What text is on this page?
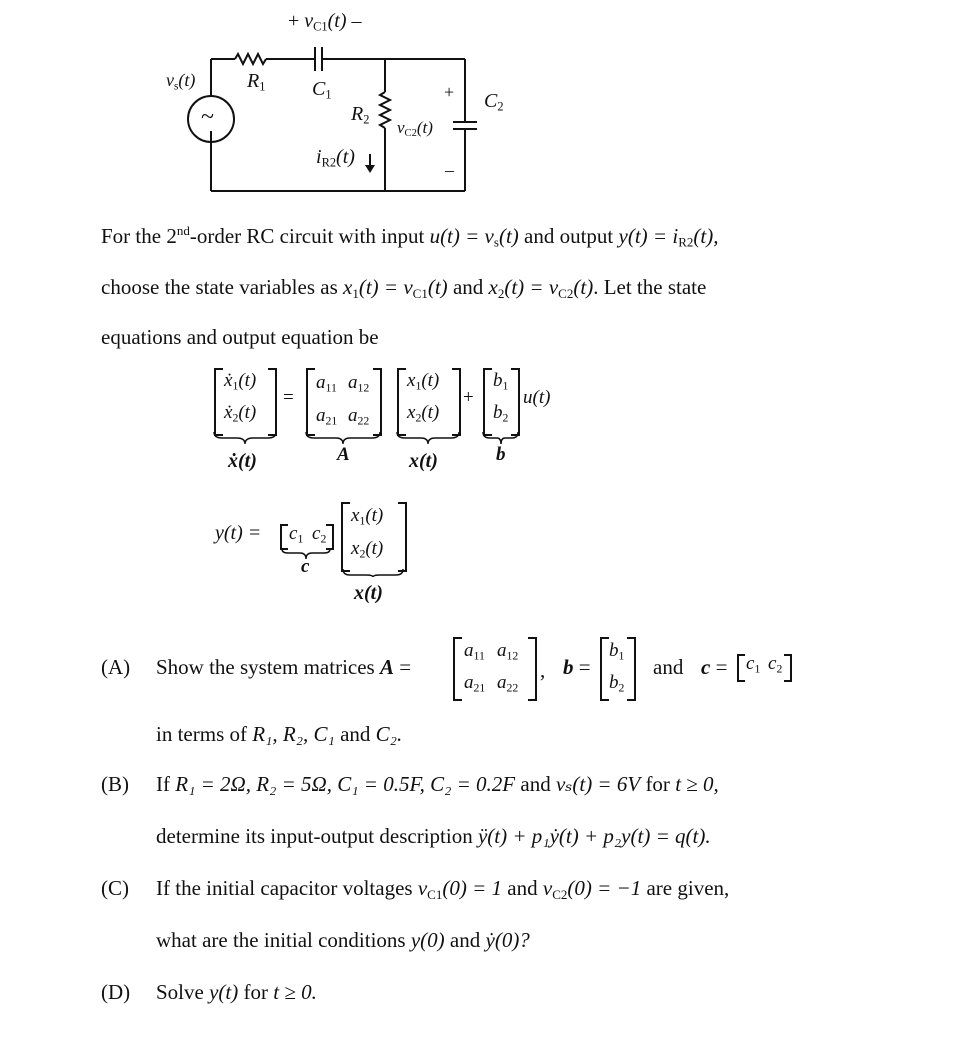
+ $v_{C1}(t)$ –
$v_s(t)$
~
$R_1$ $C_1$
$R_2$
$C_2$
$i_{R2}(t)$
$v_{C2}(t)$
+
–
For the 2nd-order RC circuit with input $u(t) = v_s(t)$ and output $y(t) = i_{R2}(t)$,
choose the state variables as $x_1(t) = v_{C1}(t)$ and $x_2(t) = v_{C2}(t)$. Let the state
equations and output equation be
ẋ$_1$(t)
ẋ$_2$(t)
=
$a_{11}$ $a_{12}$
$a_{21}$ $a_{22}$
$x_1(t)$
$x_2(t)$
+
$b_1$
$b_2$
u(t)
ẋ(t)	A	x(t)	b
$y(t) = c_1$ $c_2$
$x_1(t)$
$x_2(t)$
c
x(t)
(A) Show the system matrices A =
$a_{11}$ $a_{12}$
$a_{21}$ $a_{22}$
, b =
$b_1$
$b_2$
and $c = c_1$ $c_2$
in terms of R₁, R₂, C₁ and C₂.
(B) If R₁ = 2Ω, R₂ = 5Ω, C₁ = 0.5F, C₂ = 0.2F and vₛ(t) = 6V for t ≥ 0,
determine its input-output description ÿ(t) + p₁ẏ(t) + p₂y(t) = q(t).
(C) If the initial capacitor voltages $v_{C1}(0) = 1$ and $v_{C2}(0) = -1$ are given,
what are the initial conditions y(0) and ẏ(0)?
(D) Solve y(t) for t ≥ 0.
